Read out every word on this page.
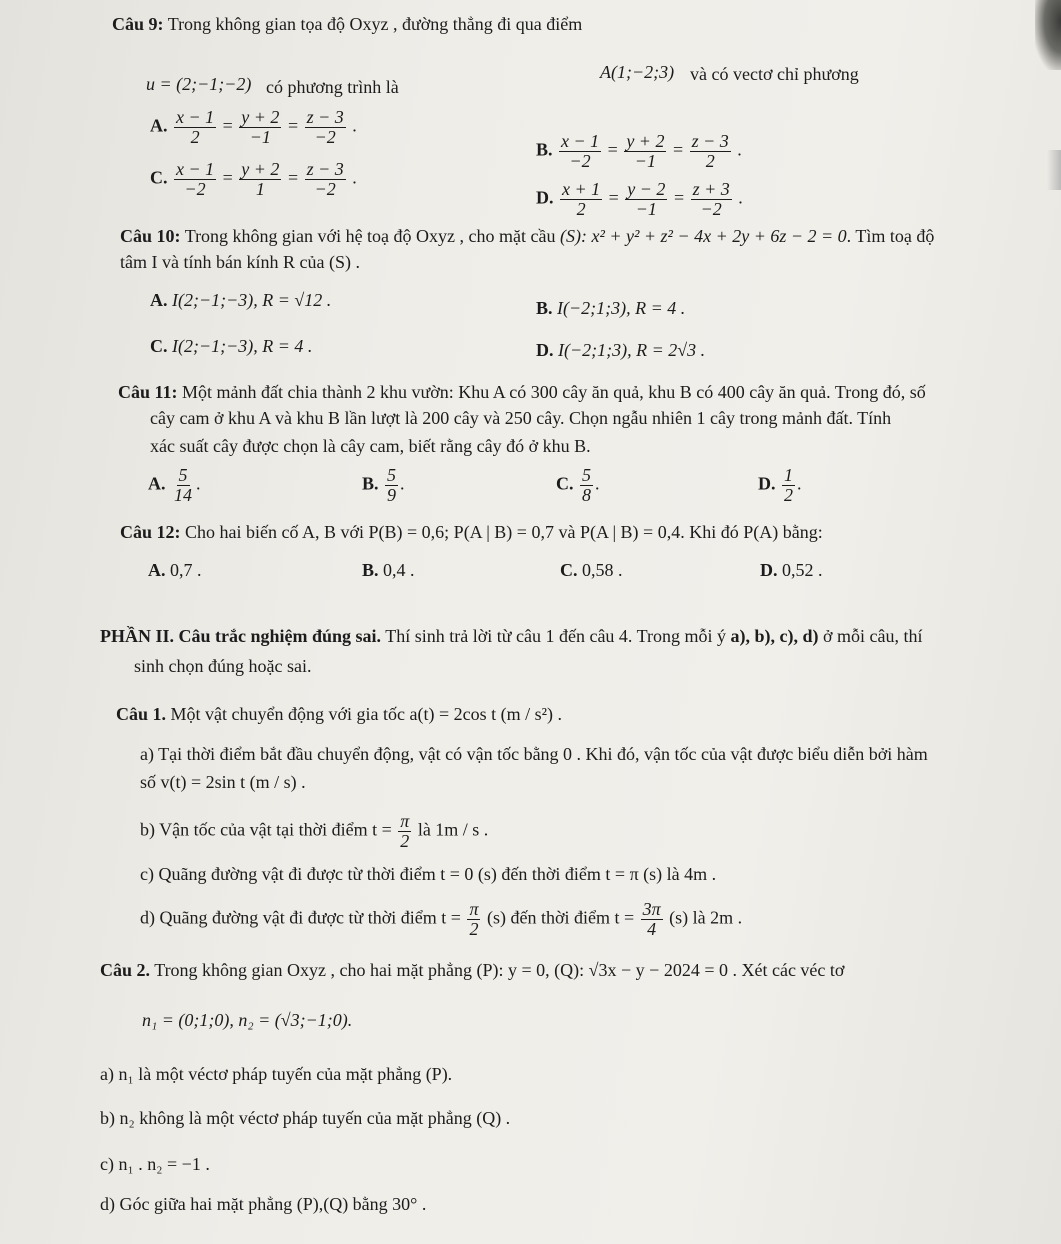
Câu 9: Trong không gian tọa độ Oxyz , đường thẳng đi qua điểm
A(1;−2;3) và có vectơ chỉ phương
u = (2;−1;−2) có phương trình là
A. $\frac{x - 1}{2} = \frac{y + 2}{-1} = \frac{z - 3}{-2}$ .
B. $\frac{x - 1}{-2} = \frac{y + 2}{-1} = \frac{z - 3}{2}$ .
C. $\frac{x - 1}{-2} = \frac{y + 2}{1} = \frac{z - 3}{-2}$ .
D. $\frac{x + 1}{2} = \frac{y - 2}{-1} = \frac{z + 3}{-2}$ .
Câu 10: Trong không gian với hệ toạ độ Oxyz , cho mặt cầu (S): x² + y² + z² − 4x + 2y + 6z − 2 = 0. Tìm toạ độ
tâm I và tính bán kính R của (S) .
A. I(2;−1;−3), R = √12 .	B. I(−2;1;3), R = 4 .
C. I(2;−1;−3), R = 4 .	D. I(−2;1;3), R = 2√3 .
Câu 11: Một mảnh đất chia thành 2 khu vườn: Khu A có 300 cây ăn quả, khu B có 400 cây ăn quả. Trong đó, số
cây cam ở khu A và khu B lần lượt là 200 cây và 250 cây. Chọn ngẫu nhiên 1 cây trong mảnh đất. Tính
xác suất cây được chọn là cây cam, biết rằng cây đó ở khu B.
A. $\frac{5}{14}$ .	B. $\frac{5}{9}$ .	C. $\frac{5}{8}$ .	D. $\frac{1}{2}$ .
Câu 12: Cho hai biến cố A, B với P(B) = 0,6; P(A | B) = 0,7 và P(A | B) = 0,4. Khi đó P(A) bằng:
A. 0,7 .	B. 0,4 .	C. 0,58 .	D. 0,52 .
PHẦN II. Câu trắc nghiệm đúng sai. Thí sinh trả lời từ câu 1 đến câu 4. Trong mỗi ý a), b), c), d) ở mỗi câu, thí
sinh chọn đúng hoặc sai.
Câu 1. Một vật chuyển động với gia tốc a(t) = 2cos t (m / s²) .
a) Tại thời điểm bắt đầu chuyển động, vật có vận tốc bằng 0 . Khi đó, vận tốc của vật được biểu diễn bởi hàm
số v(t) = 2sin t (m / s) .
b) Vận tốc của vật tại thời điểm $t = \frac{\pi}{2}$ là 1m / s .
c) Quãng đường vật đi được từ thời điểm t = 0 (s) đến thời điểm t = π (s) là 4m .
d) Quãng đường vật đi được từ thời điểm $t = \frac{\pi}{2} (s)$ đến thời điểm $t = \frac{3\pi}{4} (s)$ là 2m .
Câu 2. Trong không gian Oxyz , cho hai mặt phẳng (P): y = 0, (Q): √3x − y − 2024 = 0 . Xét các véc tơ
n₁ = (0;1;0), n₂ = (√3;−1;0).
a) n₁ là một véctơ pháp tuyến của mặt phẳng (P).
b) n₂ không là một véctơ pháp tuyến của mặt phẳng (Q) .
c) n₁ . n₂ = −1 .
d) Góc giữa hai mặt phẳng (P),(Q) bằng 30° .
